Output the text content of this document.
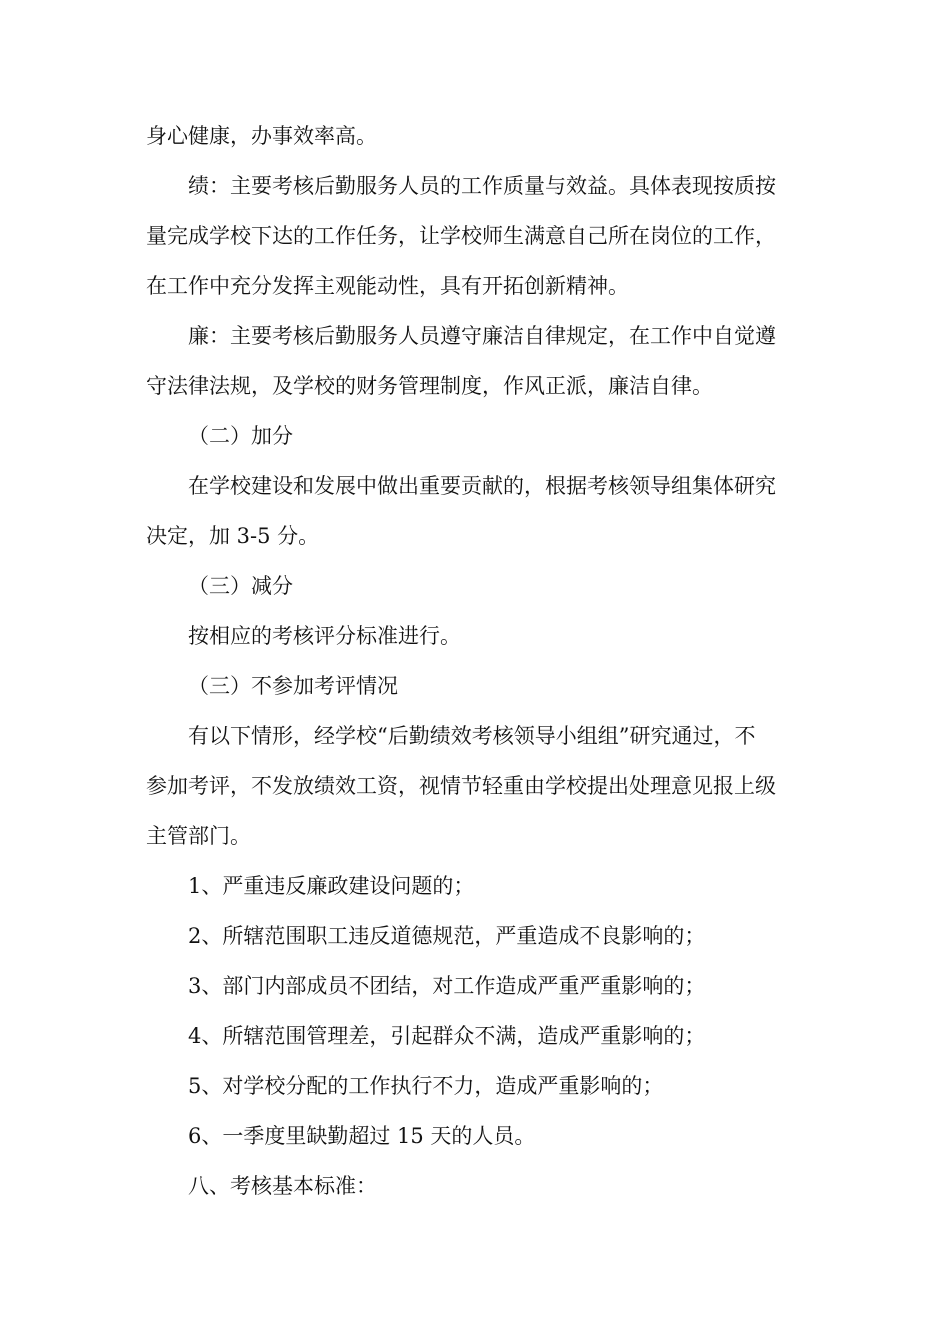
身心健康，办事效率高。
绩：主要考核后勤服务人员的工作质量与效益。具体表现按质按
量完成学校下达的工作任务，让学校师生满意自己所在岗位的工作，
在工作中充分发挥主观能动性，具有开拓创新精神。
廉：主要考核后勤服务人员遵守廉洁自律规定，在工作中自觉遵
守法律法规，及学校的财务管理制度，作风正派，廉洁自律。
（二）加分
在学校建设和发展中做出重要贡献的，根据考核领导组集体研究
决定，加 3-5 分。
（三）减分
按相应的考核评分标准进行。
（三）不参加考评情况
有以下情形，经学校“后勤绩效考核领导小组组”研究通过，不
参加考评，不发放绩效工资，视情节轻重由学校提出处理意见报上级
主管部门。
1、严重违反廉政建设问题的；
2、所辖范围职工违反道德规范，严重造成不良影响的；
3、部门内部成员不团结，对工作造成严重严重影响的；
4、所辖范围管理差，引起群众不满，造成严重影响的；
5、对学校分配的工作执行不力，造成严重影响的；
6、一季度里缺勤超过 15 天的人员。
八、考核基本标准：
